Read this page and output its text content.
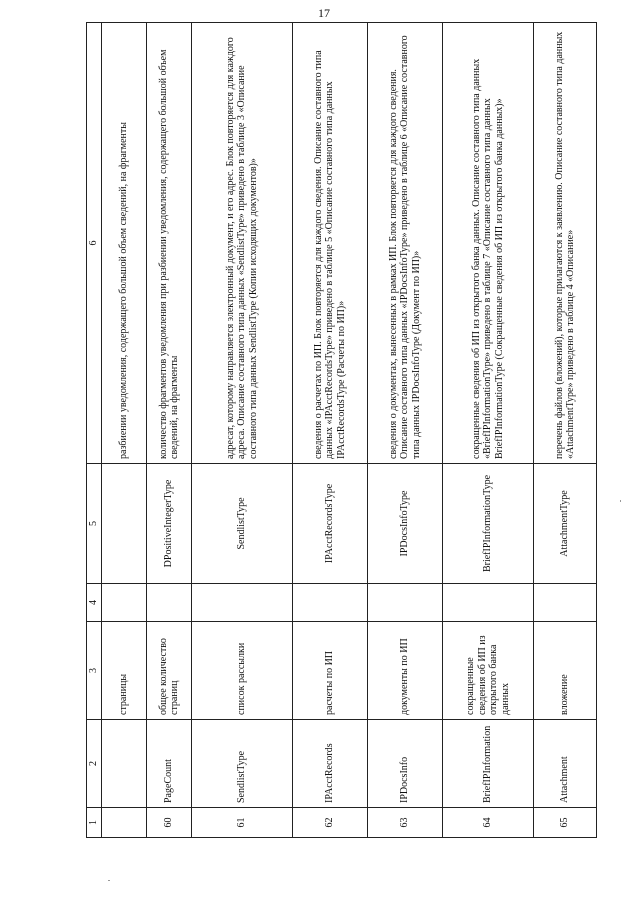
17
1	2	3	4	5	6
		страницы			разбиении уведомления, содержащего большой объем сведений, на фрагменты
60	PageCount	общее количество страниц		DPositiveIntegerType	количество фрагментов уведомления при разбиении уведомления, содержащего большой объем сведений, на фрагменты
61	SendlistType	список рассылки		SendlistType	адресат, которому направляется электронный документ, и его адрес. Блок повторяется для каждого адреса. Описание составного типа данных «SendlistType» приведено в таблице 3 «Описание составного типа данных SendlistType (Копии исходящих документов)»
62	IPAcctRecords	расчеты по ИП		IPAcctRecordsType	сведения о расчетах по ИП. Блок повторяется для каждого сведения. Описание составного типа данных «IPAcctRecordsType» приведено в таблице 5 «Описание составного типа данных IPAcctRecordsType (Расчеты по ИП)»
63	IPDocsInfo	документы по ИП		IPDocsInfoType	сведения о документах, вынесенных в рамках ИП. Блок повторяется для каждого сведения. Описание составного типа данных «IPDocsInfoType» приведено в таблице 6 «Описание составного типа данных IPDocsInfoType (Документ по ИП)»
64	BriefIPInformation	сокращенные сведения об ИП из открытого банка данных		BriefIPInformationType	сокращенные сведения об ИП из открытого банка данных. Описание составного типа данных «BriefIPInformationType» приведено в таблице 7 «Описание составного типа данных BriefIPInformationType (Сокращенные сведения об ИП из открытого банка данных)»
65	Attachment	вложение		AttachmentType	перечень файлов (вложений), которые прилагаются к заявлению. Описание составного типа данных «AttachmentType» приведено в таблице 4 «Описание»
